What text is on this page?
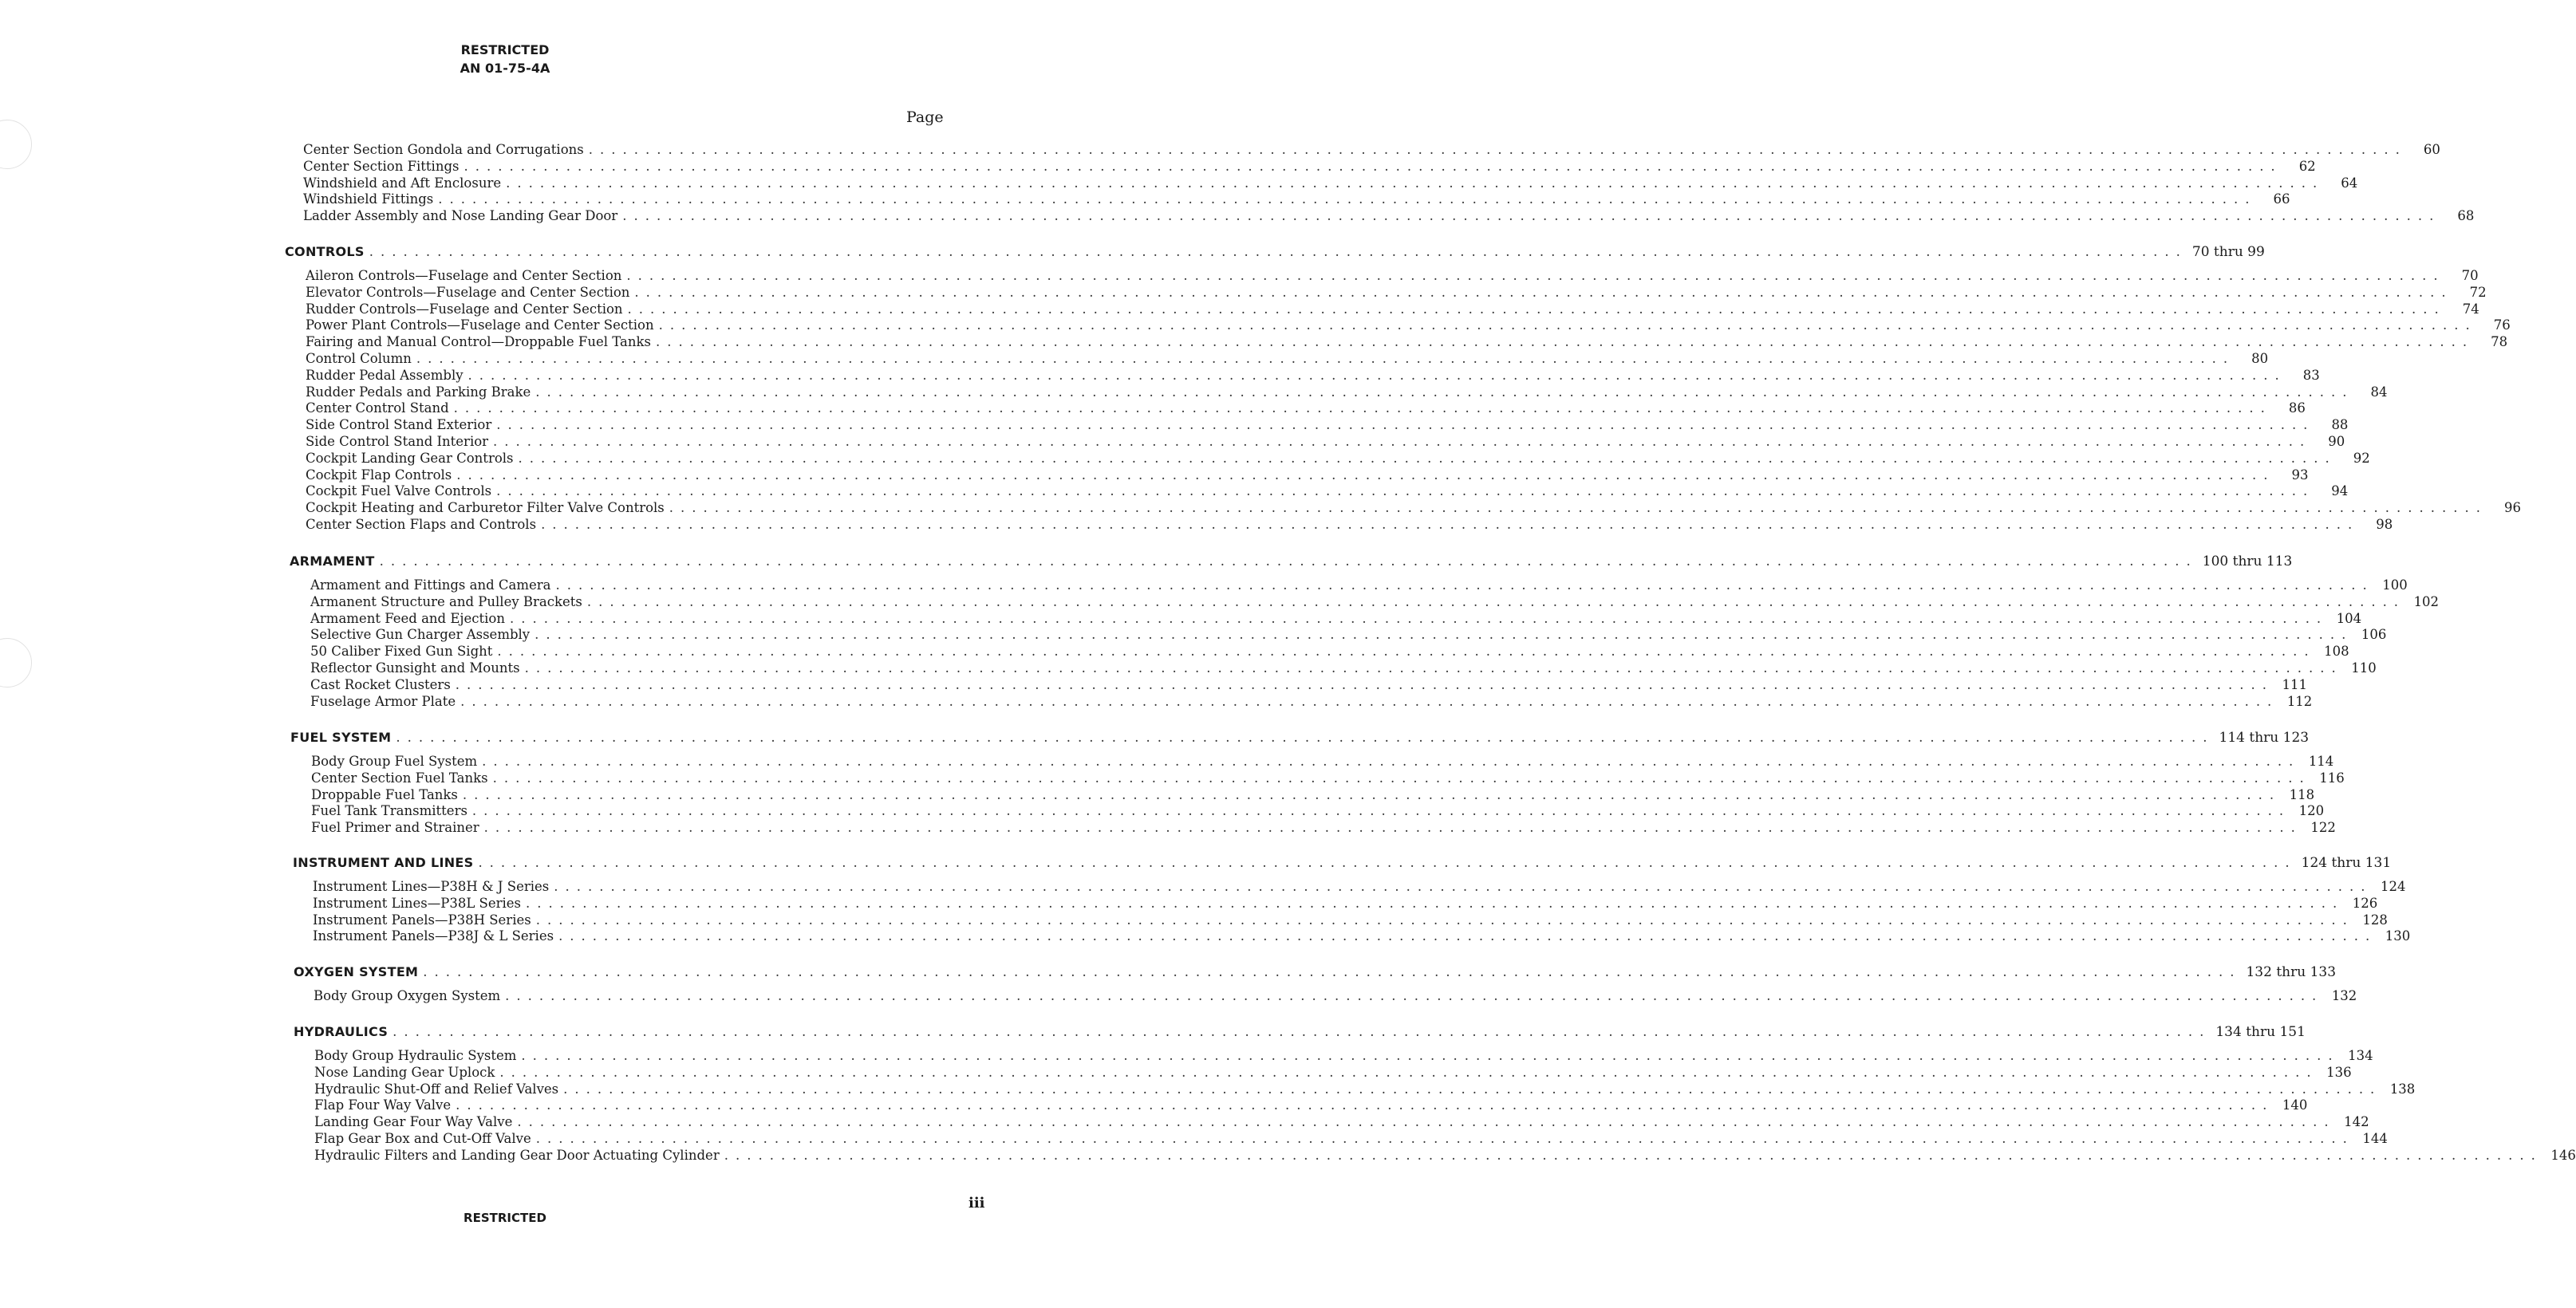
RESTRICTED
AN 01-75-4A
Page
Center Section Gondola and Corrugations ................................................................................................................................................................	60
Center Section Fittings ................................................................................................................................................................	62
Windshield and Aft Enclosure ................................................................................................................................................................	64
Windshield Fittings ................................................................................................................................................................	66
Ladder Assembly and Nose Landing Gear Door ................................................................................................................................................................	68
CONTROLS ................................................................................................................................................................ 70 thru 99
Aileron Controls—Fuselage and Center Section ................................................................................................................................................................	70
Elevator Controls—Fuselage and Center Section ................................................................................................................................................................	72
Rudder Controls—Fuselage and Center Section ................................................................................................................................................................	74
Power Plant Controls—Fuselage and Center Section ................................................................................................................................................................	76
Fairing and Manual Control—Droppable Fuel Tanks ................................................................................................................................................................	78
Control Column ................................................................................................................................................................	80
Rudder Pedal Assembly ................................................................................................................................................................	83
Rudder Pedals and Parking Brake ................................................................................................................................................................	84
Center Control Stand ................................................................................................................................................................	86
Side Control Stand Exterior ................................................................................................................................................................	88
Side Control Stand Interior ................................................................................................................................................................	90
Cockpit Landing Gear Controls ................................................................................................................................................................	92
Cockpit Flap Controls ................................................................................................................................................................	93
Cockpit Fuel Valve Controls ................................................................................................................................................................	94
Cockpit Heating and Carburetor Filter Valve Controls ................................................................................................................................................................	96
Center Section Flaps and Controls ................................................................................................................................................................	98
ARMAMENT ................................................................................................................................................................ 100 thru 113
Armament and Fittings and Camera ................................................................................................................................................................ 100
Armanent Structure and Pulley Brackets ................................................................................................................................................................ 102
Armament Feed and Ejection ................................................................................................................................................................ 104
Selective Gun Charger Assembly ................................................................................................................................................................ 106
50 Caliber Fixed Gun Sight ................................................................................................................................................................ 108
Reflector Gunsight and Mounts ................................................................................................................................................................ 110
Cast Rocket Clusters ................................................................................................................................................................ 111
Fuselage Armor Plate ................................................................................................................................................................ 112
FUEL SYSTEM ................................................................................................................................................................ 114 thru 123
Body Group Fuel System ................................................................................................................................................................ 114
Center Section Fuel Tanks ................................................................................................................................................................ 116
Droppable Fuel Tanks ................................................................................................................................................................ 118
Fuel Tank Transmitters ................................................................................................................................................................ 120
Fuel Primer and Strainer ................................................................................................................................................................ 122
INSTRUMENT AND LINES ................................................................................................................................................................ 124 thru 131
Instrument Lines—P38H & J Series ................................................................................................................................................................ 124
Instrument Lines—P38L Series ................................................................................................................................................................ 126
Instrument Panels—P38H Series ................................................................................................................................................................ 128
Instrument Panels—P38J & L Series ................................................................................................................................................................ 130
OXYGEN SYSTEM ................................................................................................................................................................ 132 thru 133
Body Group Oxygen System ................................................................................................................................................................ 132
HYDRAULICS ................................................................................................................................................................ 134 thru 151
Body Group Hydraulic System ................................................................................................................................................................ 134
Nose Landing Gear Uplock ................................................................................................................................................................ 136
Hydraulic Shut-Off and Relief Valves ................................................................................................................................................................ 138
Flap Four Way Valve ................................................................................................................................................................ 140
Landing Gear Four Way Valve ................................................................................................................................................................ 142
Flap Gear Box and Cut-Off Valve ................................................................................................................................................................ 144
Hydraulic Filters and Landing Gear Door Actuating Cylinder ................................................................................................................................................................ 146
RESTRICTED
iii
